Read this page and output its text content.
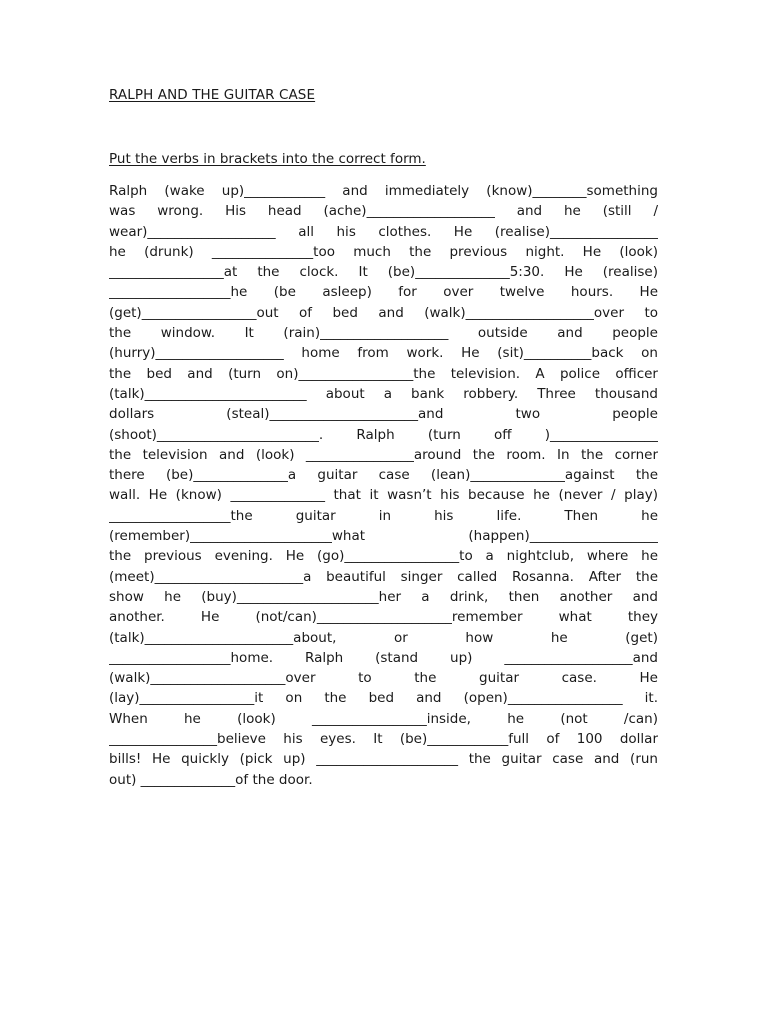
RALPH AND THE GUITAR CASE
Put the verbs in brackets into the correct form.
Ralph (wake up)____________ and immediately (know)________something
was wrong. His head (ache)___________________ and he (still /
wear)___________________ all his clothes. He (realise)________________
he (drunk) _______________too much the previous night. He (look)
_________________at the clock. It (be)______________5:30. He (realise)
__________________he (be asleep) for over twelve hours. He
(get)_________________out of bed and (walk)___________________over to
the window. It (rain)___________________ outside and people
(hurry)___________________ home from work. He (sit)__________back on
the bed and (turn on)_________________the television. A police officer
(talk)________________________ about a bank robbery. Three thousand
dollars (steal)______________________and two people
(shoot)________________________. Ralph (turn off )________________
the television and (look) ________________around the room. In the corner
there (be)______________a guitar case (lean)______________against the
wall. He (know) ______________ that it wasn’t his because he (never / play)
__________________the guitar in his life. Then he
(remember)_____________________what (happen)___________________
the previous evening. He (go)_________________to a nightclub, where he
(meet)______________________a beautiful singer called Rosanna. After the
show he (buy)_____________________her a drink, then another and
another. He (not/can)____________________remember what they
(talk)______________________about, or how he (get)
__________________home. Ralph (stand up) ___________________and
(walk)____________________over to the guitar case. He
(lay)_________________it on the bed and (open)_________________ it.
When he (look) _________________inside, he (not /can)
________________believe his eyes. It (be)____________full of 100 dollar
bills! He quickly (pick up) _____________________ the guitar case and (run
out) ______________of the door.
